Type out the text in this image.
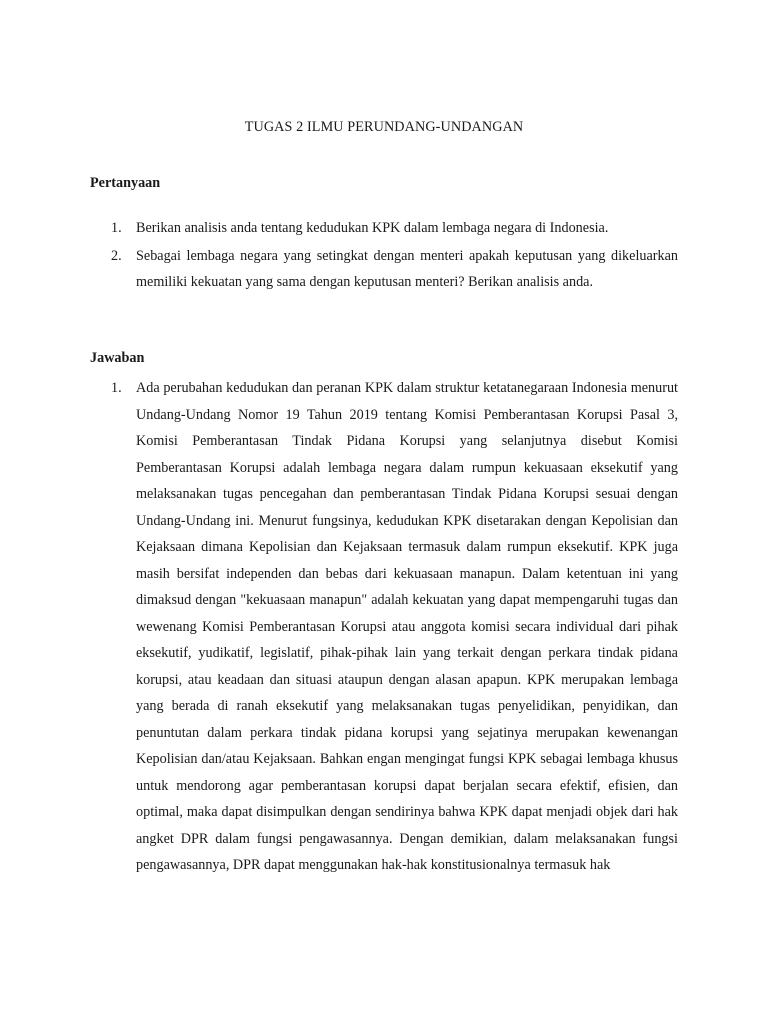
TUGAS 2 ILMU PERUNDANG-UNDANGAN
Pertanyaan
1. Berikan analisis anda tentang kedudukan KPK dalam lembaga negara di Indonesia.
2. Sebagai lembaga negara yang setingkat dengan menteri apakah keputusan yang dikeluarkan memiliki kekuatan yang sama dengan keputusan menteri? Berikan analisis anda.
Jawaban
1. Ada perubahan kedudukan dan peranan KPK dalam struktur ketatanegaraan Indonesia menurut Undang-Undang Nomor 19 Tahun 2019 tentang Komisi Pemberantasan Korupsi Pasal 3, Komisi Pemberantasan Tindak Pidana Korupsi yang selanjutnya disebut Komisi Pemberantasan Korupsi adalah lembaga negara dalam rumpun kekuasaan eksekutif yang melaksanakan tugas pencegahan dan pemberantasan Tindak Pidana Korupsi sesuai dengan Undang-Undang ini. Menurut fungsinya, kedudukan KPK disetarakan dengan Kepolisian dan Kejaksaan dimana Kepolisian dan Kejaksaan termasuk dalam rumpun eksekutif. KPK juga masih bersifat independen dan bebas dari kekuasaan manapun. Dalam ketentuan ini yang dimaksud dengan "kekuasaan manapun" adalah kekuatan yang dapat mempengaruhi tugas dan wewenang Komisi Pemberantasan Korupsi atau anggota komisi secara individual dari pihak eksekutif, yudikatif, legislatif, pihak-pihak lain yang terkait dengan perkara tindak pidana korupsi, atau keadaan dan situasi ataupun dengan alasan apapun. KPK merupakan lembaga yang berada di ranah eksekutif yang melaksanakan tugas penyelidikan, penyidikan, dan penuntutan dalam perkara tindak pidana korupsi yang sejatinya merupakan kewenangan Kepolisian dan/atau Kejaksaan. Bahkan engan mengingat fungsi KPK sebagai lembaga khusus untuk mendorong agar pemberantasan korupsi dapat berjalan secara efektif, efisien, dan optimal, maka dapat disimpulkan dengan sendirinya bahwa KPK dapat menjadi objek dari hak angket DPR dalam fungsi pengawasannya. Dengan demikian, dalam melaksanakan fungsi pengawasannya, DPR dapat menggunakan hak-hak konstitusionalnya termasuk hak
